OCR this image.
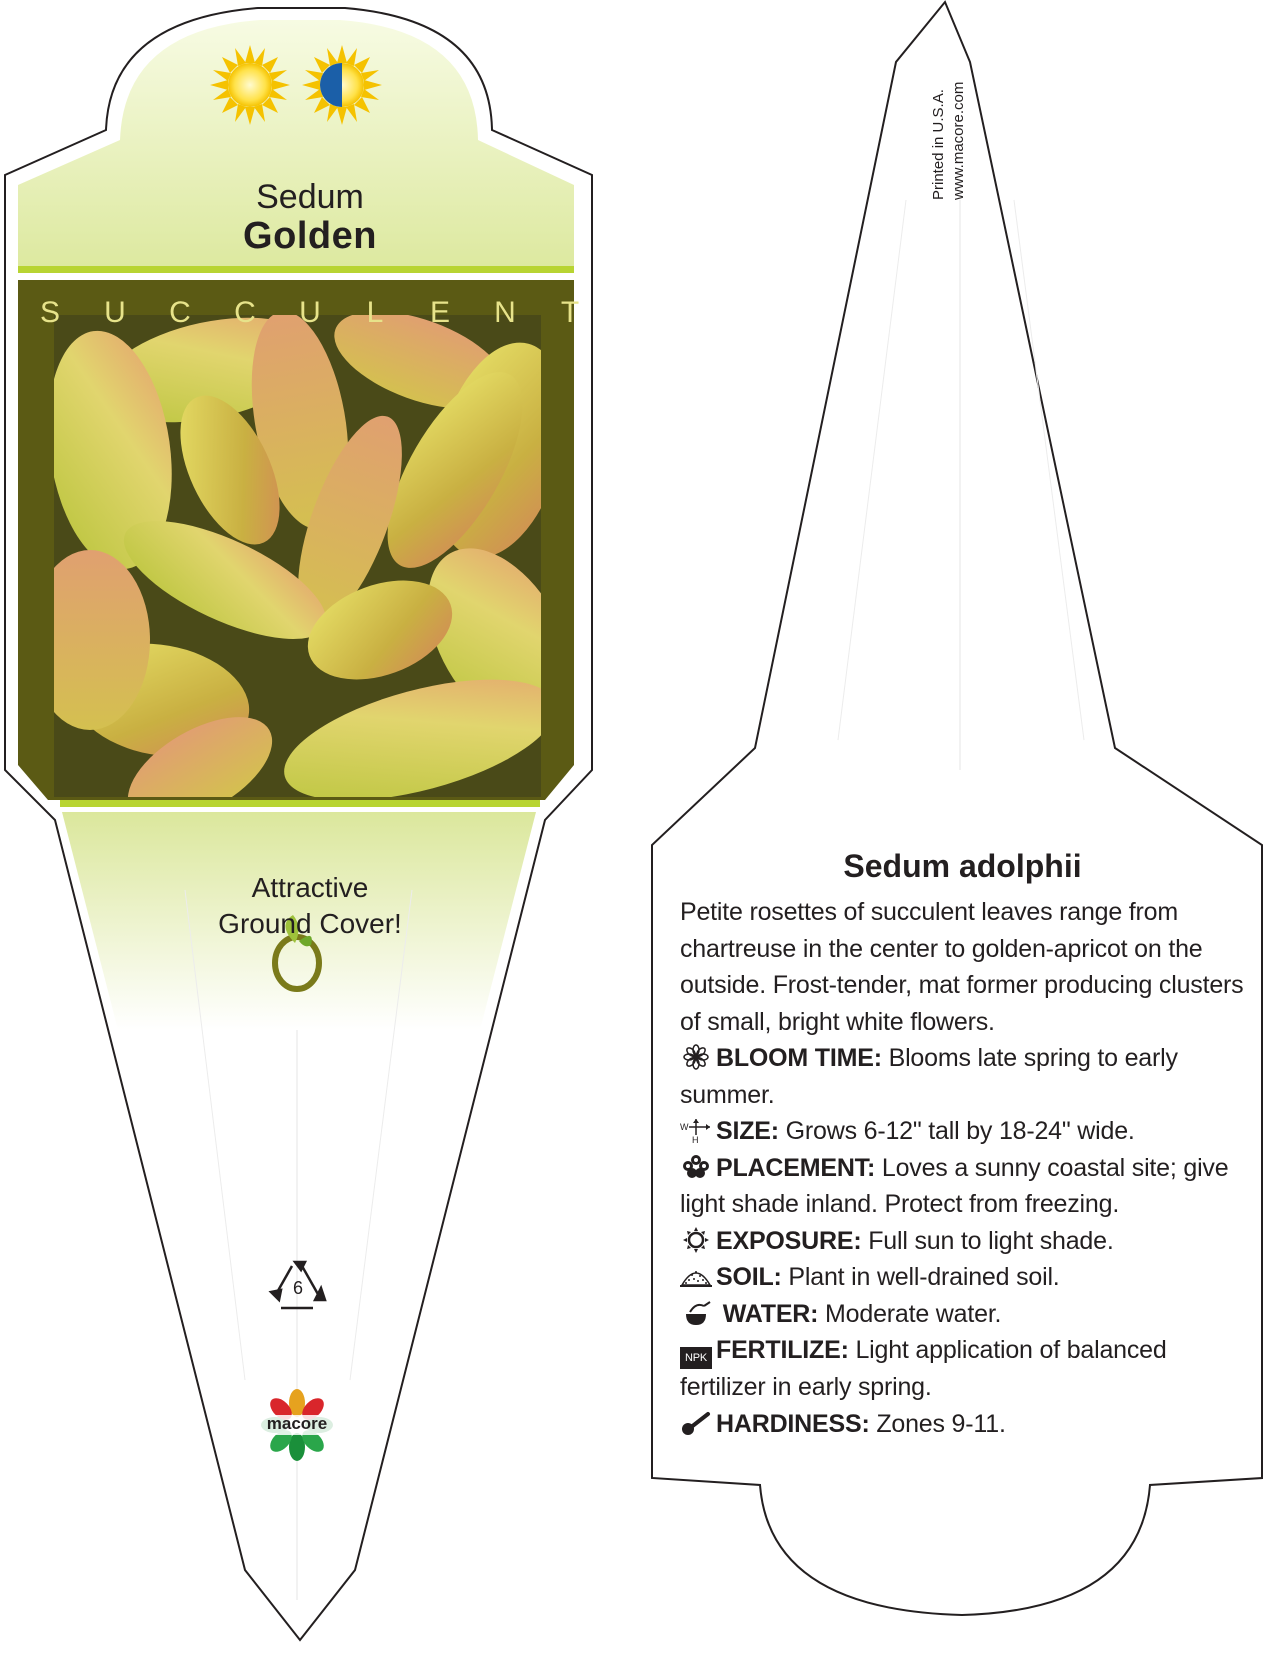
Sedum
Golden
S	U	C	C	U	L	E	N	T
Attractive
Ground Cover!
6
macore
Printed in U.S.A. www.macore.com
Sedum adolphii

Petite rosettes of succulent leaves range from chartreuse in the center to golden-apricot on the outside. Frost-tender, mat former producing clusters of small, bright white flowers.

BLOOM TIME: Blooms late spring to early summer.

W
H SIZE: Grows 6-12" tall by 18-24" wide.

PLACEMENT: Loves a sunny coastal site; give light shade inland. Protect from freezing.

EXPOSURE: Full sun to light shade.

SOIL: Plant in well-drained soil.

WATER: Moderate water.

NPK FERTILIZE: Light application of balanced fertilizer in early spring.

HARDINESS: Zones 9-11.
